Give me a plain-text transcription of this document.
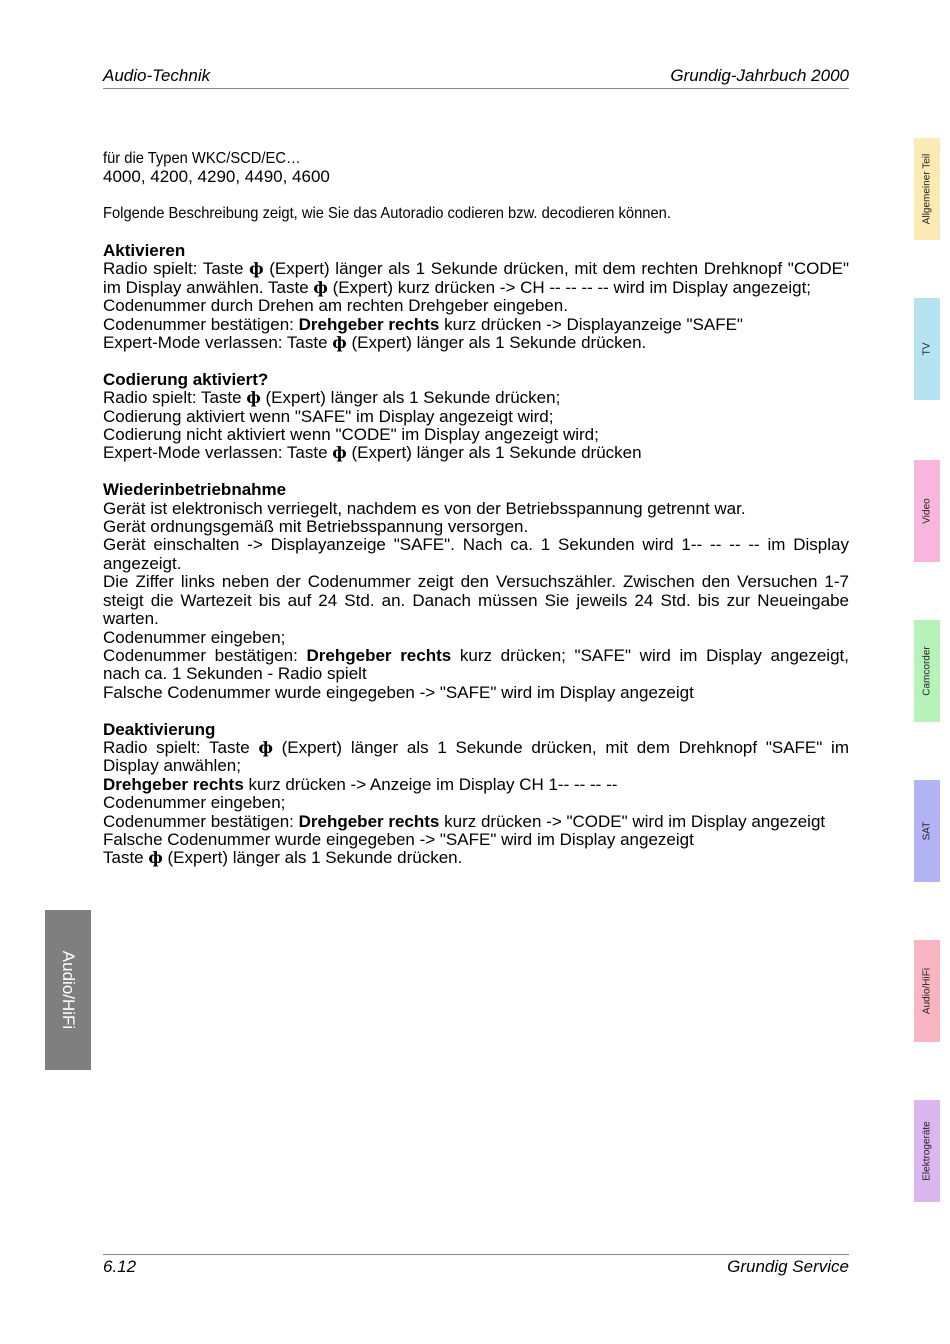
Audio-Technik	Grundig-Jahrbuch 2000

für die Typen WKC/SCD/EC…

4000, 4200, 4290, 4490, 4600

Folgende Beschreibung zeigt, wie Sie das Autoradio codieren bzw. decodieren können.

Aktivieren

Radio spielt: Taste ф (Expert) länger als 1 Sekunde drücken, mit dem rechten Drehknopf "CODE" im Display anwählen. Taste ф (Expert) kurz drücken -> CH -- -- -- -- wird im Display angezeigt;

Codenummer durch Drehen am rechten Drehgeber eingeben.

Codenummer bestätigen: Drehgeber rechts kurz drücken -> Displayanzeige "SAFE"

Expert-Mode verlassen: Taste ф (Expert) länger als 1 Sekunde drücken.

Codierung aktiviert?

Radio spielt: Taste ф (Expert) länger als 1 Sekunde drücken;

Codierung aktiviert wenn "SAFE" im Display angezeigt wird;

Codierung nicht aktiviert wenn "CODE" im Display angezeigt wird;

Expert-Mode verlassen: Taste ф (Expert) länger als 1 Sekunde drücken

Wiederinbetriebnahme

Gerät ist elektronisch verriegelt, nachdem es von der Betriebsspannung getrennt war.

Gerät ordnungsgemäß mit Betriebsspannung versorgen.

Gerät einschalten -> Displayanzeige "SAFE". Nach ca. 1 Sekunden wird 1-- -- -- -- im Display angezeigt.

Die Ziffer links neben der Codenummer zeigt den Versuchszähler. Zwischen den Versuchen 1-7 steigt die Wartezeit bis auf 24 Std. an. Danach müssen Sie jeweils 24 Std. bis zur Neueingabe warten.

Codenummer eingeben;

Codenummer bestätigen: Drehgeber rechts kurz drücken; "SAFE" wird im Display angezeigt, nach ca. 1 Sekunden - Radio spielt

Falsche Codenummer wurde eingegeben -> "SAFE" wird im Display angezeigt

Deaktivierung

Radio spielt: Taste ф (Expert) länger als 1 Sekunde drücken, mit dem Drehknopf "SAFE" im Display anwählen;

Drehgeber rechts kurz drücken -> Anzeige im Display CH 1-- -- -- --

Codenummer eingeben;

Codenummer bestätigen: Drehgeber rechts kurz drücken -> "CODE" wird im Display angezeigt

Falsche Codenummer wurde eingegeben -> "SAFE" wird im Display angezeigt

Taste ф (Expert) länger als 1 Sekunde drücken.

Allgemeiner Teil
TV
Video
Camcorder
SAT
Audio/HiFi
Elektrogeräte
Audio/HiFi
6.12	Grundig Service
